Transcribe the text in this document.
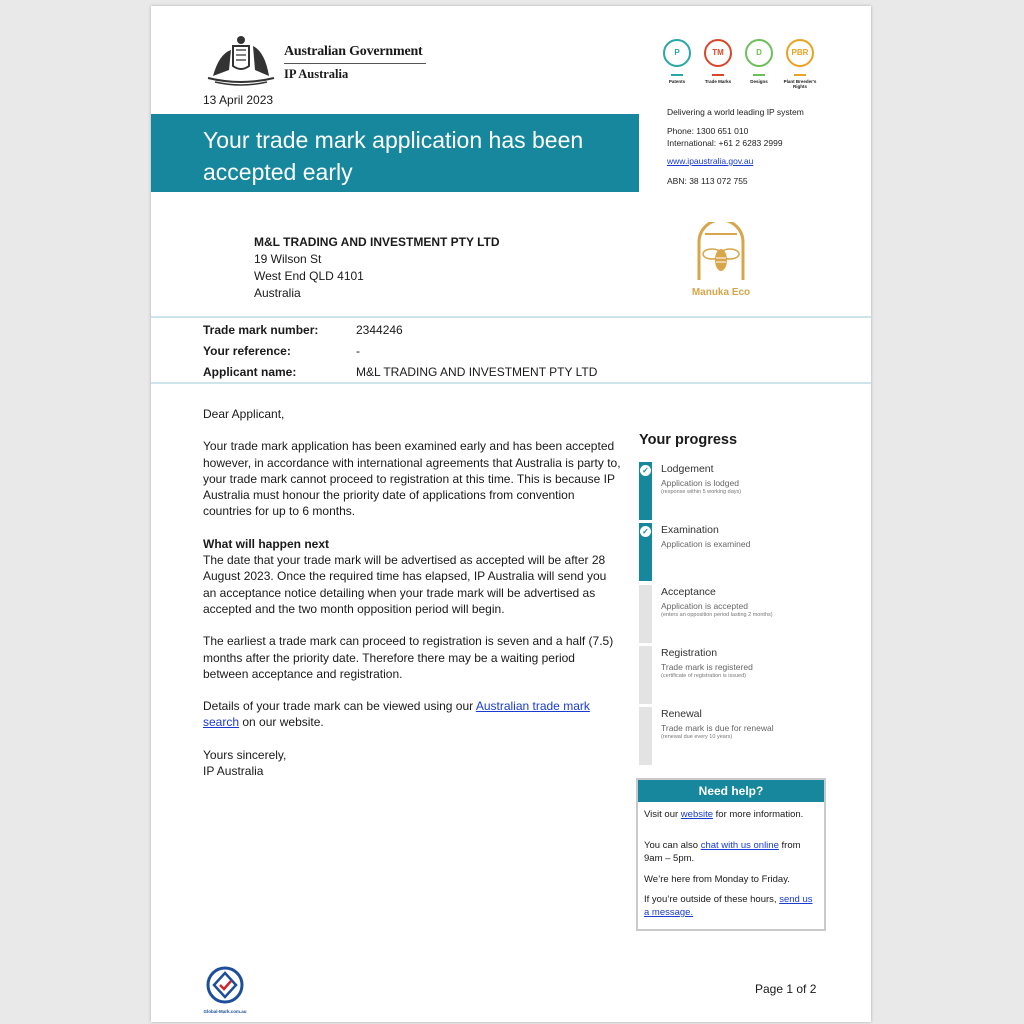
Australian Government
IP Australia
13 April 2023
Your trade mark application has been accepted early
P
Patents
TM
Trade Marks
D
Designs
PBR
Plant Breeder's Rights
Delivering a world leading IP system
Phone: 1300 651 010
International: +61 2 6283 2999
www.ipaustralia.gov.au
ABN: 38 113 072 755
M&L TRADING AND INVESTMENT PTY LTD
19 Wilson St
West End QLD 4101
Australia	Manuka Eco
Trade mark number:	2344246
Your reference:	-
Applicant name:	M&L TRADING AND INVESTMENT PTY LTD

Dear Applicant,

Your trade mark application has been examined early and has been accepted however, in accordance with international agreements that Australia is party to, your trade mark cannot proceed to registration at this time. This is because IP Australia must honour the priority date of applications from convention countries for up to 6 months.

What will happen next

The date that your trade mark will be advertised as accepted will be after 28 August 2023. Once the required time has elapsed, IP Australia will send you an acceptance notice detailing when your trade mark will be advertised as accepted and the two month opposition period will begin.

The earliest a trade mark can proceed to registration is seven and a half (7.5) months after the priority date. Therefore there may be a waiting period between acceptance and registration.

Details of your trade mark can be viewed using our Australian trade mark search on our website.

Yours sincerely,
IP Australia
Your progress
Need help?
Visit our website for more information.
You can also chat with us online from 9am – 5pm.
We’re here from Monday to Friday.
If you’re outside of these hours, send us a message.
Global-Mark.com.au
Page 1 of 2
✓ Lodgement
Application is lodged
(response within 5 working days)
✓ Examination
Application is examined
Acceptance
Application is accepted
(enters an opposition period lasting 2 months)
Registration
Trade mark is registered
(certificate of registration is issued)
Renewal
Trade mark is due for renewal
(renewal due every 10 years)
